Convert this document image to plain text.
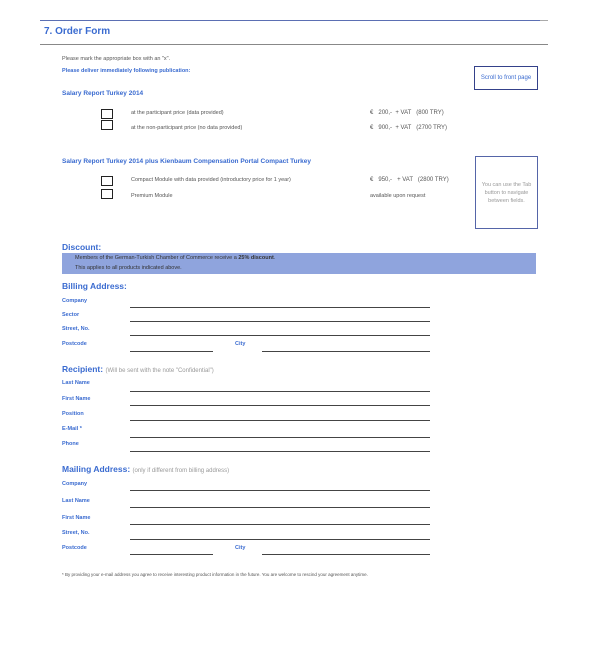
7. Order Form
Please mark the appropriate box with an "x".
Please deliver immediately following publication:
Scroll to front page
Salary Report Turkey 2014
at the participant price (data provided)	€ 200,- + VAT (800 TRY)
at the non-participant price (no data provided)	€ 900,- + VAT (2700 TRY)
Salary Report Turkey 2014 plus Kienbaum Compensation Portal Compact Turkey
Compact Module with data provided (introductory price for 1 year)	€ 950,- + VAT (2800 TRY)
Premium Module	available upon request
You can use the Tab button to navigate between fields.
Discount:
Members of the German-Turkish Chamber of Commerce receive a 25% discount.
This applies to all products indicated above.
Billing Address:
Company
Sector
Street, No.
Postcode	City
Recipient: (Will be sent with the note "Confidential")
Last Name
First Name
Position
E-Mail *
Phone
Mailing Address: (only if different from billing address)
Company
Last Name
First Name
Street, No.
Postcode	City
* By providing your e-mail address you agree to receive interesting product information in the future. You are welcome to rescind your agreement anytime.
